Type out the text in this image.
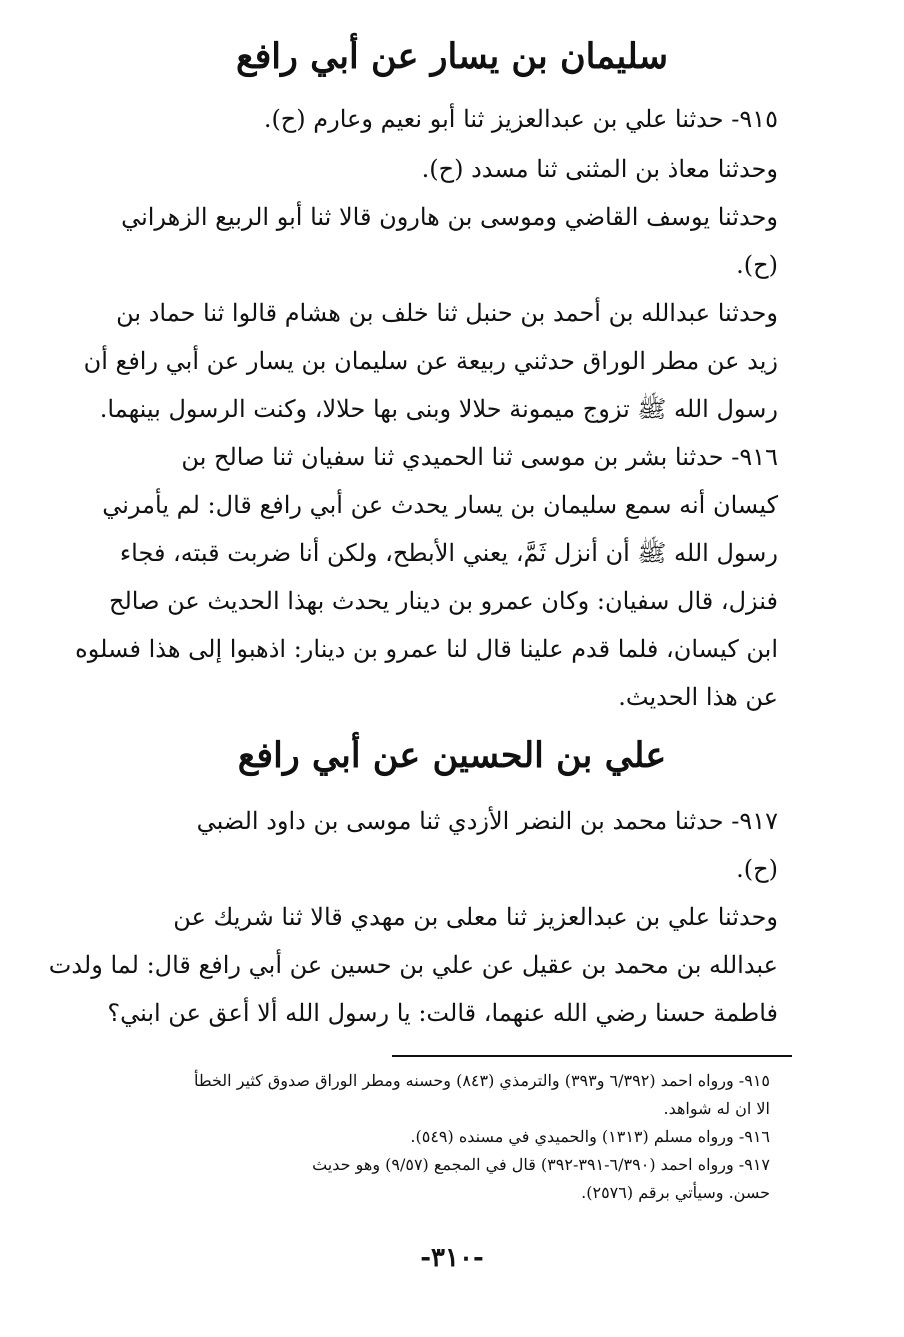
سليمان بن يسار عن أبي رافع
٩١٥- حدثنا علي بن عبدالعزيز ثنا أبو نعيم وعارم (ح).
وحدثنا معاذ بن المثنى ثنا مسدد (ح).
وحدثنا يوسف القاضي وموسى بن هارون قالا ثنا أبو الربيع الزهراني
(ح).
وحدثنا عبدالله بن أحمد بن حنبل ثنا خلف بن هشام قالوا ثنا حماد بن
زيد عن مطر الوراق حدثني ربيعة عن سليمان بن يسار عن أبي رافع أن
رسول الله ﷺ تزوج ميمونة حلالا وبنى بها حلالا، وكنت الرسول بينهما.
٩١٦- حدثنا بشر بن موسى ثنا الحميدي ثنا سفيان ثنا صالح بن
كيسان أنه سمع سليمان بن يسار يحدث عن أبي رافع قال: لم يأمرني
رسول الله ﷺ أن أنزل ثَمَّ، يعني الأبطح، ولكن أنا ضربت قبته، فجاء
فنزل، قال سفيان: وكان عمرو بن دينار يحدث بهذا الحديث عن صالح
ابن كيسان، فلما قدم علينا قال لنا عمرو بن دينار: اذهبوا إلى هذا فسلوه
عن هذا الحديث.
علي بن الحسين عن أبي رافع
٩١٧- حدثنا محمد بن النضر الأزدي ثنا موسى بن داود الضبي
(ح).
وحدثنا علي بن عبدالعزيز ثنا معلى بن مهدي قالا ثنا شريك عن
عبدالله بن محمد بن عقيل عن علي بن حسين عن أبي رافع قال: لما ولدت
فاطمة حسنا رضي الله عنهما، قالت: يا رسول الله ألا أعق عن ابني؟
٩١٥- ورواه احمد (٦/٣٩٢ و٣٩٣) والترمذي (٨٤٣) وحسنه ومطر الوراق صدوق كثير الخطأ
الا ان له شواهد.
٩١٦- ورواه مسلم (١٣١٣) والحميدي في مسنده (٥٤٩).
٩١٧- ورواه احمد (٦/٣٩٠-٣٩١-٣٩٢) قال في المجمع (٩/٥٧) وهو حديث
حسن. وسيأتي برقم (٢٥٧٦).
-٣١٠-
